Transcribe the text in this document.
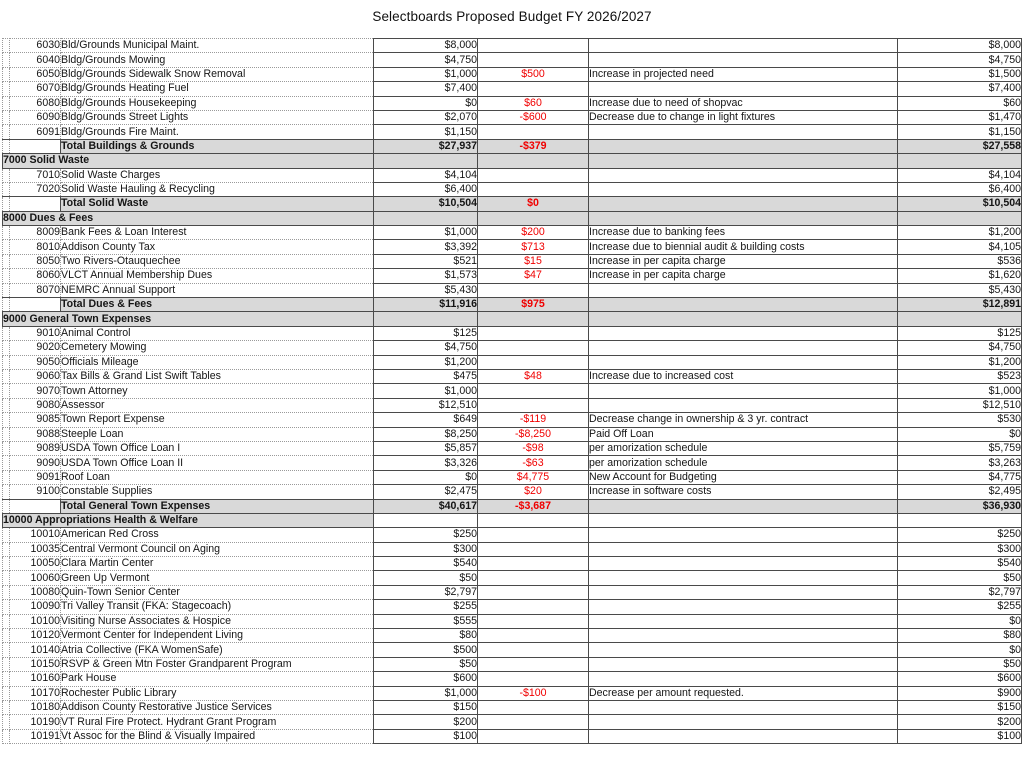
Selectboards Proposed Budget FY 2026/2027
	6030	Bld/Grounds Municipal Maint.	$8,000			$8,000
	6040	Bldg/Grounds Mowing	$4,750			$4,750
	6050	Bldg/Grounds Sidewalk Snow Removal	$1,000	$500	Increase in projected need	$1,500
	6070	Bldg/Grounds Heating Fuel	$7,400			$7,400
	6080	Bldg/Grounds Housekeeping	$0	$60	Increase due to need of shopvac	$60
	6090	Bldg/Grounds Street Lights	$2,070	-$600	Decrease due to change in light fixtures	$1,470
	6091	Bldg/Grounds Fire Maint.	$1,150			$1,150
		Total Buildings & Grounds	$27,937	-$379		$27,558
7000 Solid Waste						
	7010	Solid Waste Charges	$4,104			$4,104
	7020	Solid Waste Hauling & Recycling	$6,400			$6,400
		Total Solid Waste	$10,504	$0		$10,504
8000 Dues & Fees						
	8009	Bank Fees & Loan Interest	$1,000	$200	Increase due to banking fees	$1,200
	8010	Addison County Tax	$3,392	$713	Increase due to biennial audit & building costs	$4,105
	8050	Two Rivers-Otauquechee	$521	$15	Increase in per capita charge	$536
	8060	VLCT Annual Membership Dues	$1,573	$47	Increase in per capita charge	$1,620
	8070	NEMRC Annual Support	$5,430			$5,430
		Total Dues & Fees	$11,916	$975		$12,891
9000 General Town Expenses						
	9010	Animal Control	$125			$125
	9020	Cemetery Mowing	$4,750			$4,750
	9050	Officials Mileage	$1,200			$1,200
	9060	Tax Bills & Grand List Swift Tables	$475	$48	Increase due to increased cost	$523
	9070	Town Attorney	$1,000			$1,000
	9080	Assessor	$12,510			$12,510
	9085	Town Report Expense	$649	-$119	Decrease change in ownership & 3 yr. contract	$530
	9088	Steeple Loan	$8,250	-$8,250	Paid Off Loan	$0
	9089	USDA Town Office Loan I	$5,857	-$98	per amorization schedule	$5,759
	9090	USDA Town Office Loan II	$3,326	-$63	per amorization schedule	$3,263
	9091	Roof Loan	$0	$4,775	New Account for Budgeting	$4,775
	9100	Constable Supplies	$2,475	$20	Increase in software costs	$2,495
		Total General Town Expenses	$40,617	-$3,687		$36,930
10000 Appropriations Health & Welfare						
	10010	American Red Cross	$250			$250
	10035	Central Vermont Council on Aging	$300			$300
	10050	Clara Martin Center	$540			$540
	10060	Green Up Vermont	$50			$50
	10080	Quin-Town Senior Center	$2,797			$2,797
	10090	Tri Valley Transit (FKA: Stagecoach)	$255			$255
	10100	Visiting Nurse Associates & Hospice	$555			$0
	10120	Vermont Center for Independent Living	$80			$80
	10140	Atria Collective (FKA WomenSafe)	$500			$0
	10150	RSVP & Green Mtn Foster Grandparent Program	$50			$50
	10160	Park House	$600			$600
	10170	Rochester Public Library	$1,000	-$100	Decrease per amount requested.	$900
	10180	Addison County Restorative Justice Services	$150			$150
	10190	VT Rural Fire Protect. Hydrant Grant Program	$200			$200
	10191	Vt Assoc for the Blind & Visually Impaired	$100			$100
